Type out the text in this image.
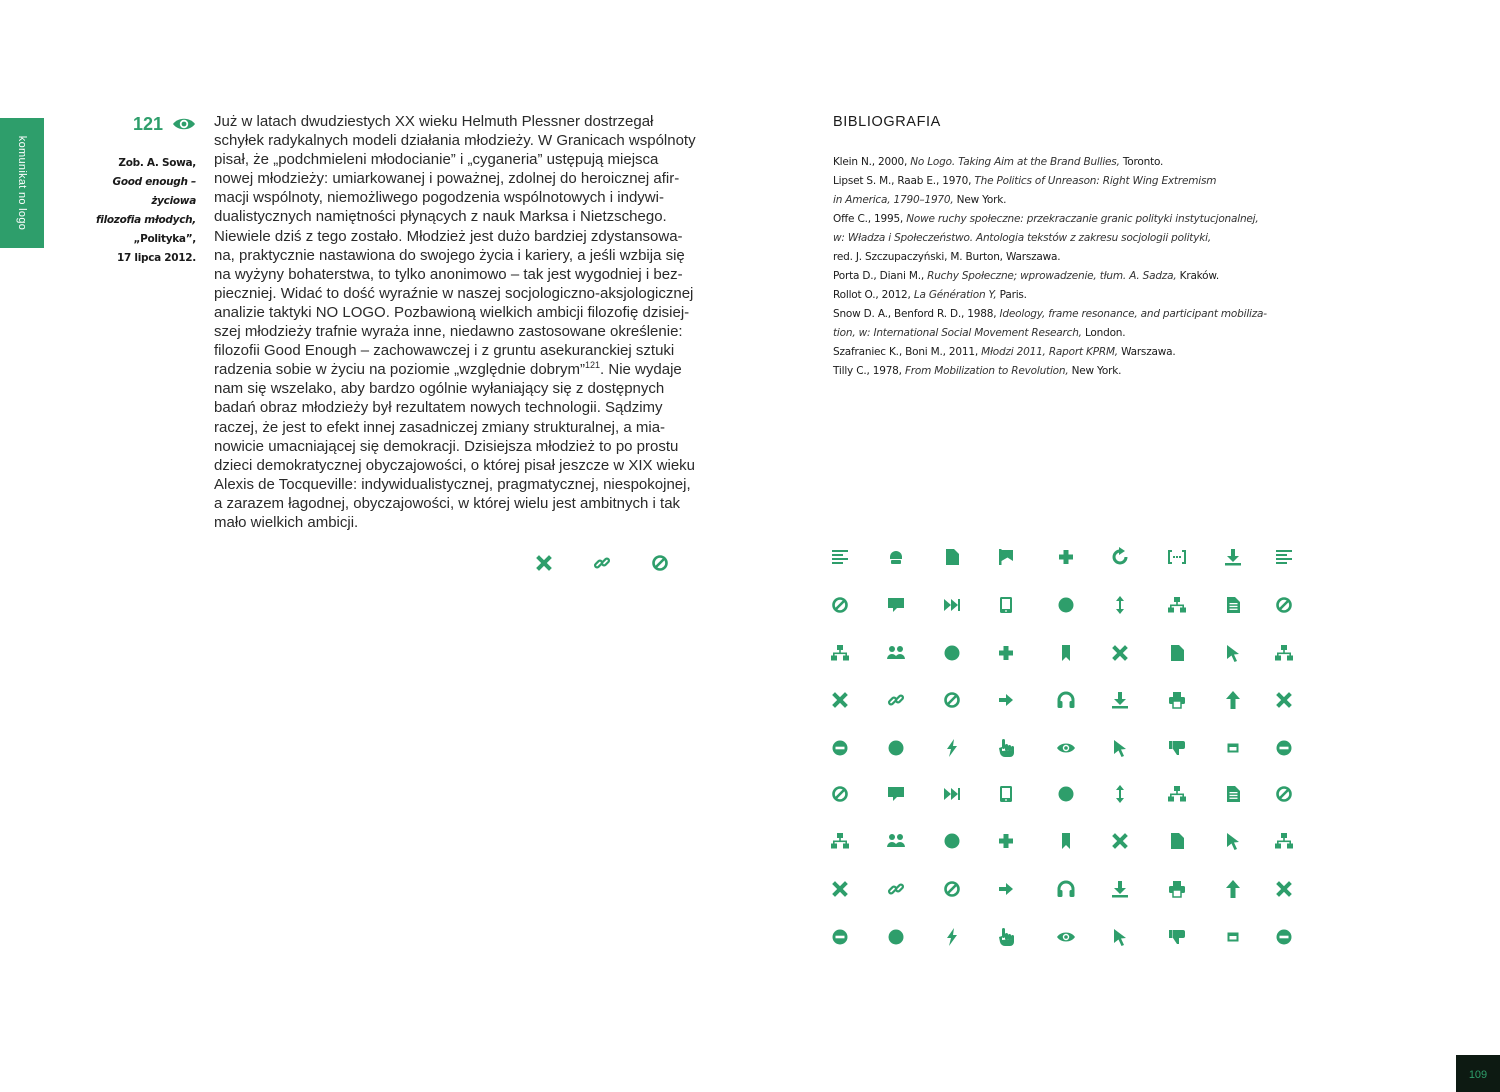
komunikat no logo
121
Zob. A. Sowa,
Good enough – życiowa
filozofia młodych,
„Polityka”,
17 lipca 2012.
Już w latach dwudziestych XX wieku Helmuth Plessner dostrzegał
schyłek radykalnych modeli działania młodzieży. W Granicach wspólnoty
pisał, że „podchmieleni młodocianie” i „cyganeria” ustępują miejsca
nowej młodzieży: umiarkowanej i poważnej, zdolnej do heroicznej afir-
macji wspólnoty, niemożliwego pogodzenia wspólnotowych i indywi-
dualistycznych namiętności płynących z nauk Marksa i Nietzschego.
Niewiele dziś z tego zostało. Młodzież jest dużo bardziej zdystansowa-
na, praktycznie nastawiona do swojego życia i kariery, a jeśli wzbija się
na wyżyny bohaterstwa, to tylko anonimowo – tak jest wygodniej i bez-
pieczniej. Widać to dość wyraźnie w naszej socjologiczno-aksjologicznej
analizie taktyki NO LOGO. Pozbawioną wielkich ambicji filozofię dzisiej-
szej młodzieży trafnie wyraża inne, niedawno zastosowane określenie:
filozofii Good Enough – zachowawczej i z gruntu asekuranckiej sztuki
radzenia sobie w życiu na poziomie „względnie dobrym”$^{121}$. Nie wydaje
nam się wszelako, aby bardzo ogólnie wyłaniający się z dostępnych
badań obraz młodzieży był rezultatem nowych technologii. Sądzimy
raczej, że jest to efekt innej zasadniczej zmiany strukturalnej, a mia-
nowicie umacniającej się demokracji. Dzisiejsza młodzież to po prostu
dzieci demokratycznej obyczajowości, o której pisał jeszcze w XIX wieku
Alexis de Tocqueville: indywidualistycznej, pragmatycznej, niespokojnej,
a zarazem łagodnej, obyczajowości, w której wielu jest ambitnych i tak
mało wielkich ambicji.
BIBLIOGRAFIA
Klein N., 2000, No Logo. Taking Aim at the Brand Bullies, Toronto.
Lipset S. M., Raab E., 1970, The Politics of Unreason: Right Wing Extremism
in America, 1790–1970, New York.
Offe C., 1995, Nowe ruchy społeczne: przekraczanie granic polityki instytucjonalnej,
w: Władza i Społeczeństwo. Antologia tekstów z zakresu socjologii polityki,
red. J. Szczupaczyński, M. Burton, Warszawa.
Porta D., Diani M., Ruchy Społeczne; wprowadzenie, tłum. A. Sadza, Kraków.
Rollot O., 2012, La Génération Y, Paris.
Snow D. A., Benford R. D., 1988, Ideology, frame resonance, and participant mobiliza-
tion, w: International Social Movement Research, London.
Szafraniec K., Boni M., 2011, Młodzi 2011, Raport KPRM, Warszawa.
Tilly C., 1978, From Mobilization to Revolution, New York.
109
